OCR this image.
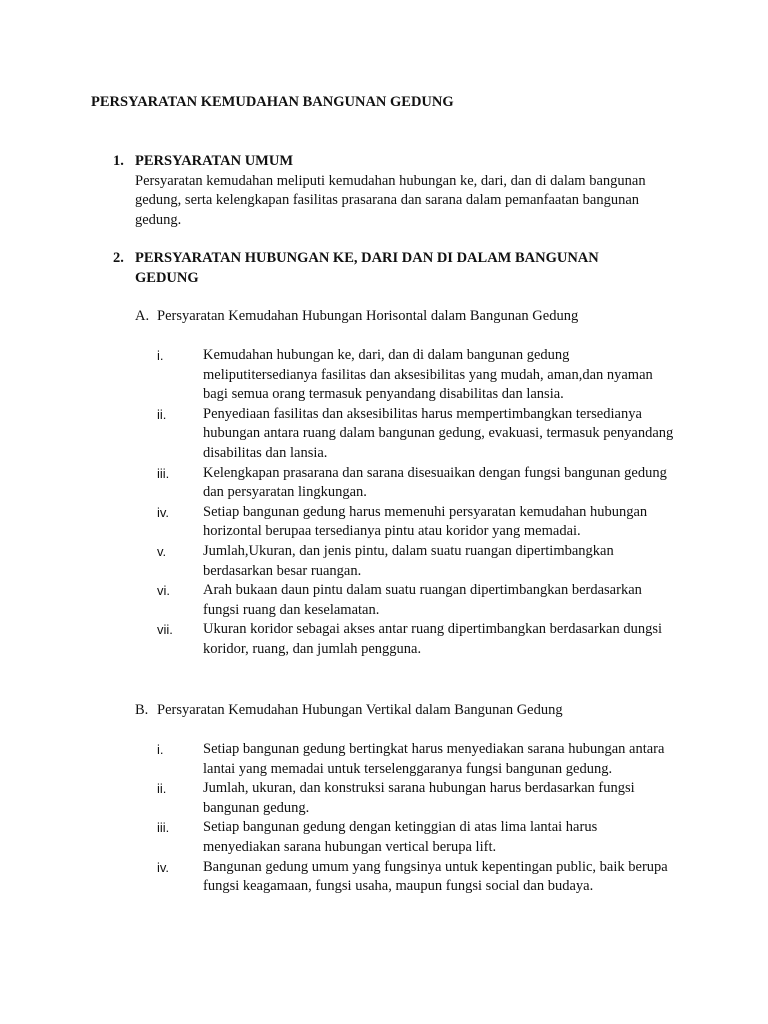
PERSYARATAN KEMUDAHAN BANGUNAN GEDUNG
1. PERSYARATAN UMUM
Persyaratan kemudahan meliputi kemudahan hubungan ke, dari, dan di dalam bangunan gedung, serta kelengkapan fasilitas prasarana dan sarana dalam pemanfaatan bangunan gedung.
2. PERSYARATAN HUBUNGAN KE, DARI DAN DI DALAM BANGUNAN GEDUNG
A. Persyaratan Kemudahan Hubungan Horisontal dalam Bangunan Gedung
i.	Kemudahan hubungan ke, dari, dan di dalam bangunan gedung meliputitersedianya fasilitas dan aksesibilitas yang mudah, aman,dan nyaman bagi semua orang termasuk penyandang disabilitas dan lansia.
ii.	Penyediaan fasilitas dan aksesibilitas harus mempertimbangkan tersedianya hubungan antara ruang dalam bangunan gedung, evakuasi, termasuk penyandang disabilitas dan lansia.
iii. Kelengkapan prasarana dan sarana disesuaikan dengan fungsi bangunan gedung dan persyaratan lingkungan.
iv. Setiap bangunan gedung harus memenuhi persyaratan kemudahan hubungan horizontal berupaa tersedianya pintu atau koridor yang memadai.
v.	Jumlah,Ukuran, dan jenis pintu, dalam suatu ruangan dipertimbangkan berdasarkan besar ruangan.
vi. Arah bukaan daun pintu dalam suatu ruangan dipertimbangkan berdasarkan fungsi ruang dan keselamatan.
vii. Ukuran koridor sebagai akses antar ruang dipertimbangkan berdasarkan dungsi koridor, ruang, dan jumlah pengguna.
B. Persyaratan Kemudahan Hubungan Vertikal dalam Bangunan Gedung
i.	Setiap bangunan gedung bertingkat harus menyediakan sarana hubungan antara lantai yang memadai untuk terselenggaranya fungsi bangunan gedung.
ii.	Jumlah, ukuran, dan konstruksi sarana hubungan harus berdasarkan fungsi bangunan gedung.
iii. Setiap bangunan gedung dengan ketinggian di atas lima lantai harus menyediakan sarana hubungan vertical berupa lift.
iv. Bangunan gedung umum yang fungsinya untuk kepentingan public, baik berupa fungsi keagamaan, fungsi usaha, maupun fungsi social dan budaya.
